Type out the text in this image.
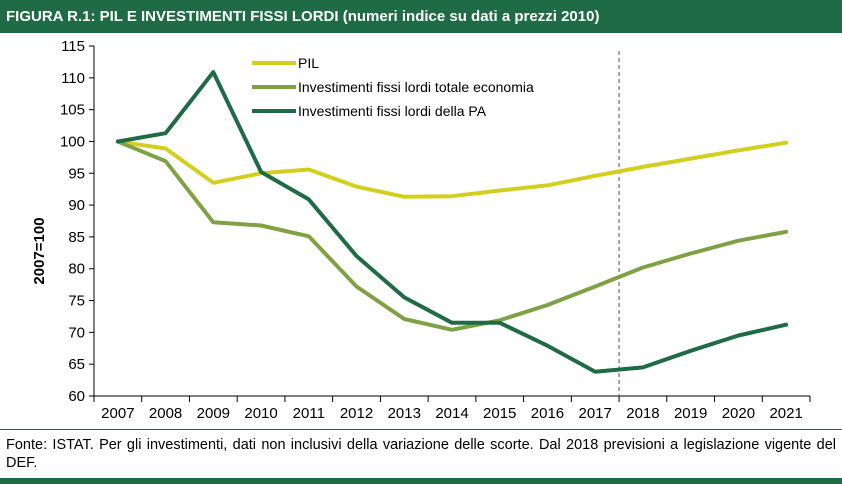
FIGURA R.1: PIL E INVESTIMENTI FISSI LORDI (numeri indice su dati a prezzi 2010)
60
65
70
75
80
85
90
95
100
105
110
115
2007 2008 2009 2010 2011 2012 2013 2014 2015 2016 2017 2018 2019 2020 2021
PIL
Investimenti fissi lordi totale economia
Investimenti fissi lordi della PA
2007=100
Fonte: ISTAT. Per gli investimenti, dati non inclusivi della variazione delle scorte. Dal 2018 previsioni a legislazione vigente del DEF.
